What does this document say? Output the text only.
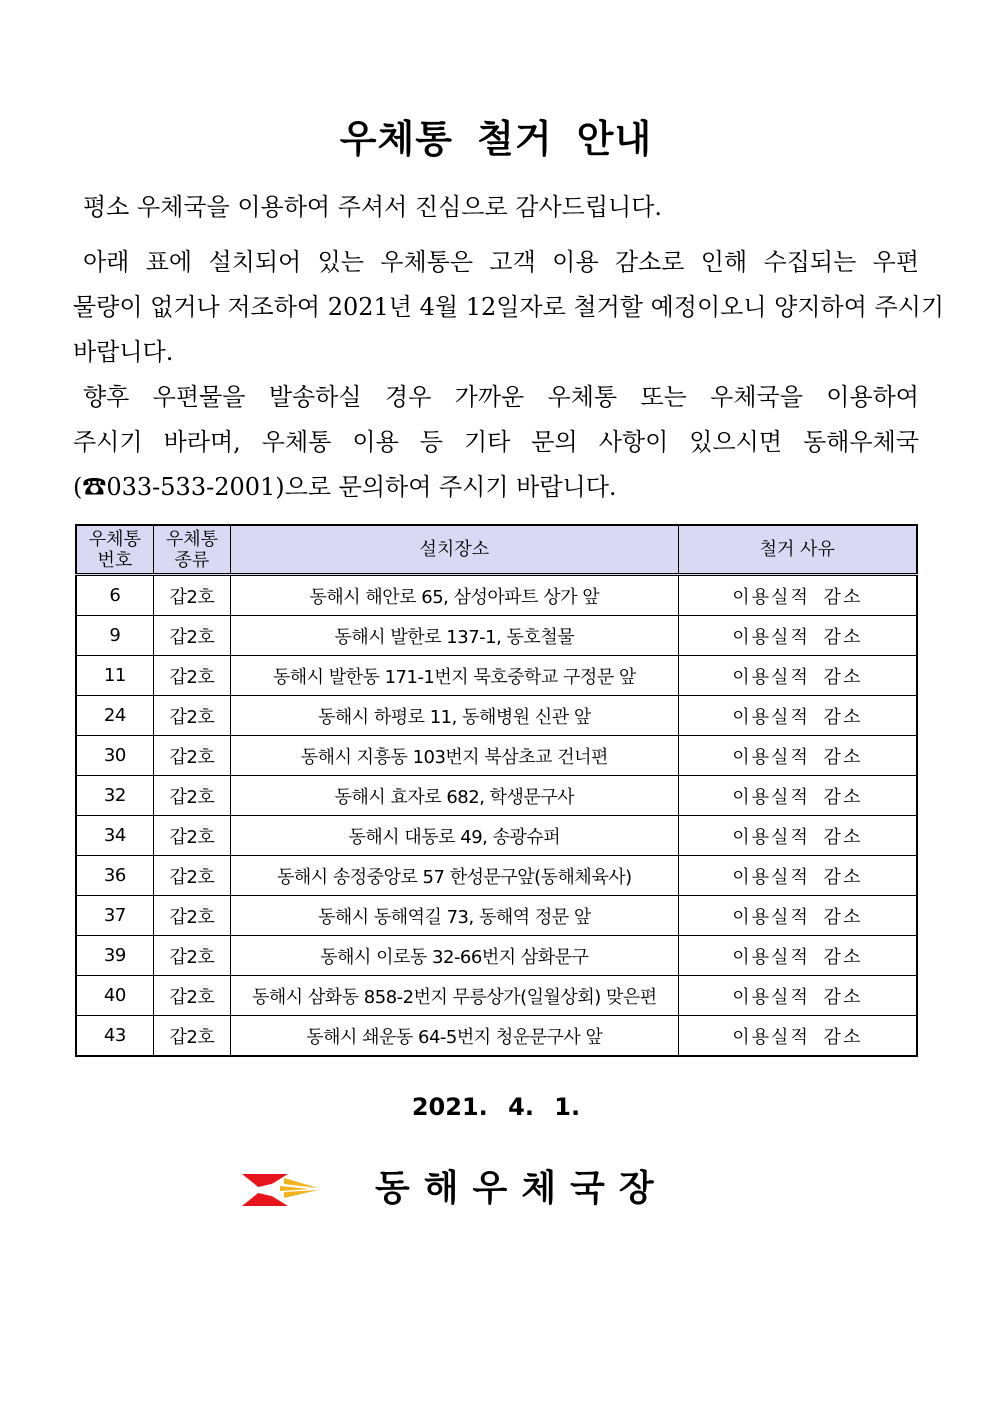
우체통 철거 안내
평소 우체국을 이용하여 주셔서 진심으로 감사드립니다.
아래 표에 설치되어 있는 우체통은 고객 이용 감소로 인해 수집되는 우편
물량이 없거나 저조하여 2021년 4월 12일자로 철거할 예정이오니 양지하여 주시기
바랍니다.
향후 우편물을 발송하실 경우 가까운 우체통 또는 우체국을 이용하여
주시기 바라며, 우체통 이용 등 기타 문의 사항이 있으시면 동해우체국
(☎033-533-2001)으로 문의하여 주시기 바랍니다.
우체통 번호	우체통 종류	설치장소	철거 사유
6	갑2호	동해시 해안로 65, 삼성아파트 상가 앞	이용실적 감소
9	갑2호	동해시 발한로 137-1, 동호철물	이용실적 감소
11	갑2호	동해시 발한동 171-1번지 묵호중학교 구정문 앞	이용실적 감소
24	갑2호	동해시 하평로 11, 동해병원 신관 앞	이용실적 감소
30	갑2호	동해시 지흥동 103번지 북삼초교 건너편	이용실적 감소
32	갑2호	동해시 효자로 682, 학생문구사	이용실적 감소
34	갑2호	동해시 대동로 49, 송광슈퍼	이용실적 감소
36	갑2호	동해시 송정중앙로 57 한성문구앞(동해체육사)	이용실적 감소
37	갑2호	동해시 동해역길 73, 동해역 정문 앞	이용실적 감소
39	갑2호	동해시 이로동 32-66번지 삼화문구	이용실적 감소
40	갑2호	동해시 삼화동 858-2번지 무릉상가(일월상회) 맞은편	이용실적 감소
43	갑2호	동해시 쇄운동 64-5번지 청운문구사 앞	이용실적 감소
2021. 4. 1.
동해우체국장
